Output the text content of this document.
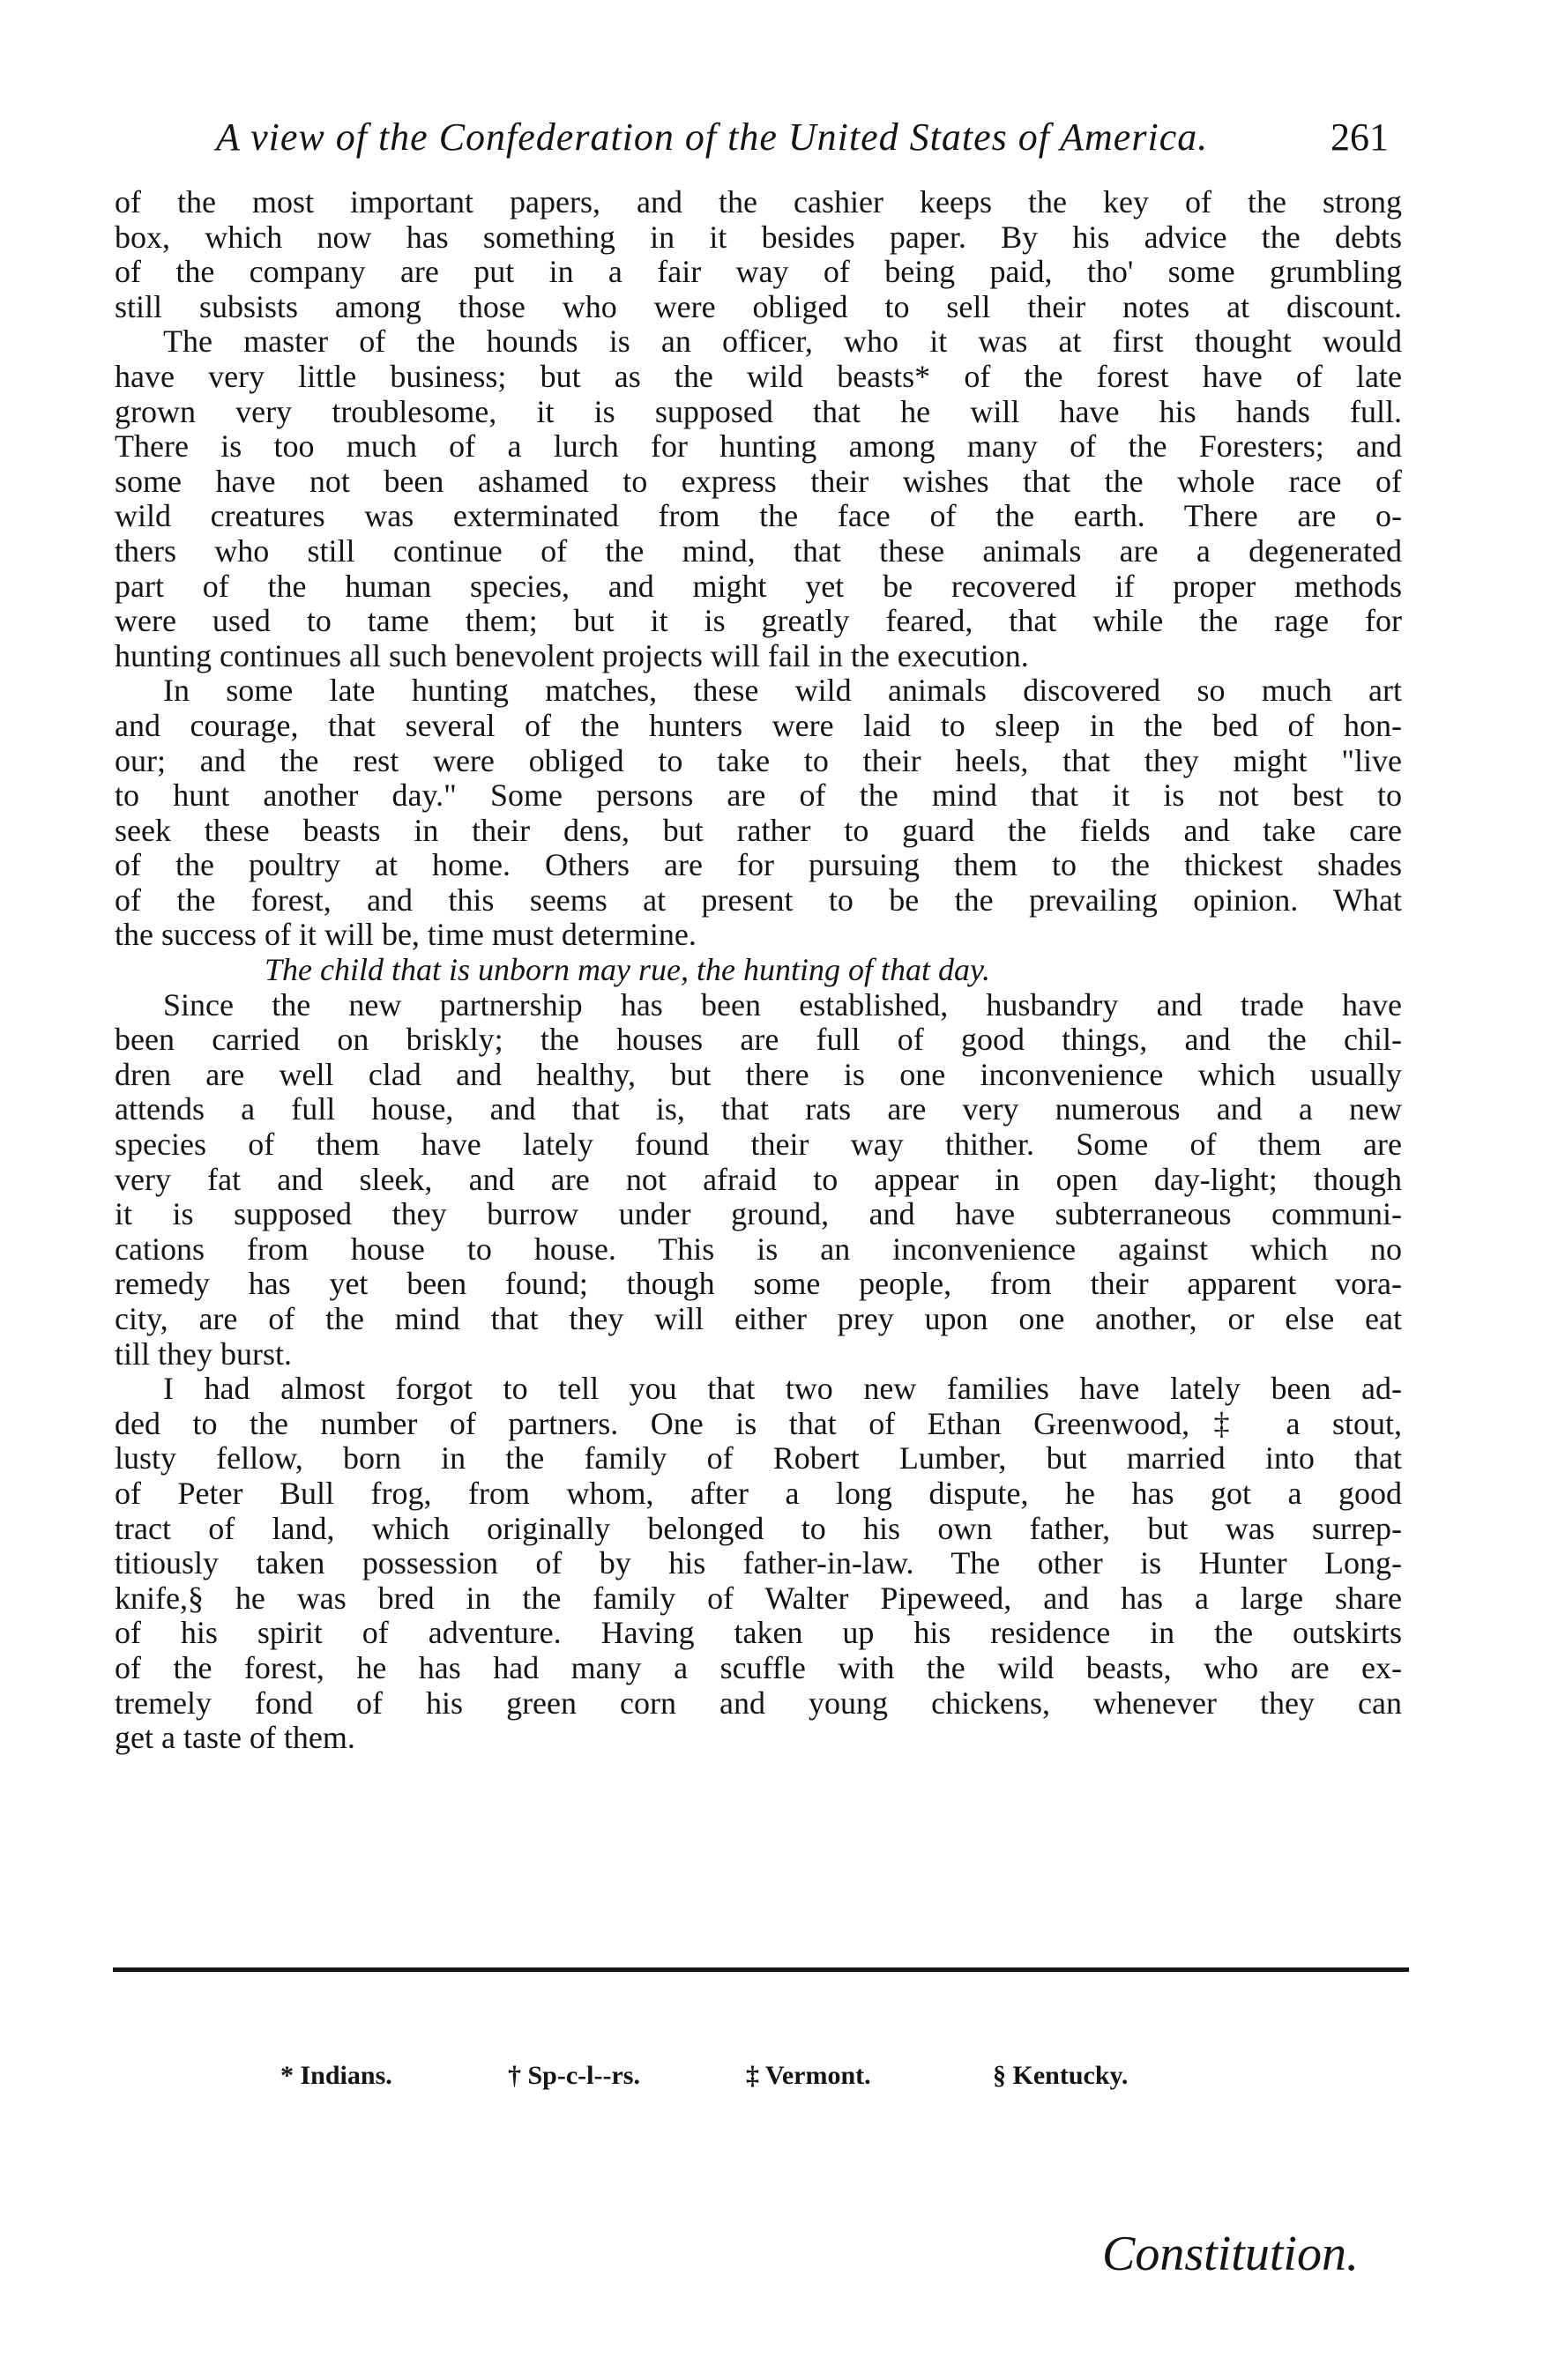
A view of the Confederation of the United States of America.	261
of the most important papers, and the cashier keeps the key of the strong
box, which now has something in it besides paper. By his advice the debts
of the company are put in a fair way of being paid, tho' some grumbling
still subsists among those who were obliged to sell their notes at discount.
The master of the hounds is an officer, who it was at first thought would
have very little business; but as the wild beasts* of the forest have of late
grown very troublesome, it is supposed that he will have his hands full.
There is too much of a lurch for hunting among many of the Foresters; and
some have not been ashamed to express their wishes that the whole race of
wild creatures was exterminated from the face of the earth. There are o-
thers who still continue of the mind, that these animals are a degenerated
part of the human species, and might yet be recovered if proper methods
were used to tame them; but it is greatly feared, that while the rage for
hunting continues all such benevolent projects will fail in the execution.
In some late hunting matches, these wild animals discovered so much art
and courage, that several of the hunters were laid to sleep in the bed of hon-
our; and the rest were obliged to take to their heels, that they might "live
to hunt another day." Some persons are of the mind that it is not best to
seek these beasts in their dens, but rather to guard the fields and take care
of the poultry at home. Others are for pursuing them to the thickest shades
of the forest, and this seems at present to be the prevailing opinion. What
the success of it will be, time must determine.
The child that is unborn may rue, the hunting of that day.
Since the new partnership has been established, husbandry and trade have
been carried on briskly; the houses are full of good things, and the chil-
dren are well clad and healthy, but there is one inconvenience which usually
attends a full house, and that is, that rats are very numerous and a new
species of them have lately found their way thither. Some of them are
very fat and sleek, and are not afraid to appear in open day-light; though
it is supposed they burrow under ground, and have subterraneous communi-
cations from house to house. This is an inconvenience against which no
remedy has yet been found; though some people, from their apparent vora-
city, are of the mind that they will either prey upon one another, or else eat
till they burst.
I had almost forgot to tell you that two new families have lately been ad-
ded to the number of partners. One is that of Ethan Greenwood,‡ a stout,
lusty fellow, born in the family of Robert Lumber, but married into that
of Peter Bull frog, from whom, after a long dispute, he has got a good
tract of land, which originally belonged to his own father, but was surrep-
titiously taken possession of by his father-in-law. The other is Hunter Long-
knife,§ he was bred in the family of Walter Pipeweed, and has a large share
of his spirit of adventure. Having taken up his residence in the outskirts
of the forest, he has had many a scuffle with the wild beasts, who are ex-
tremely fond of his green corn and young chickens, whenever they can
get a taste of them.
* Indians.	† Sp-c-l--rs.	‡ Vermont.	§ Kentucky.
Constitution.
